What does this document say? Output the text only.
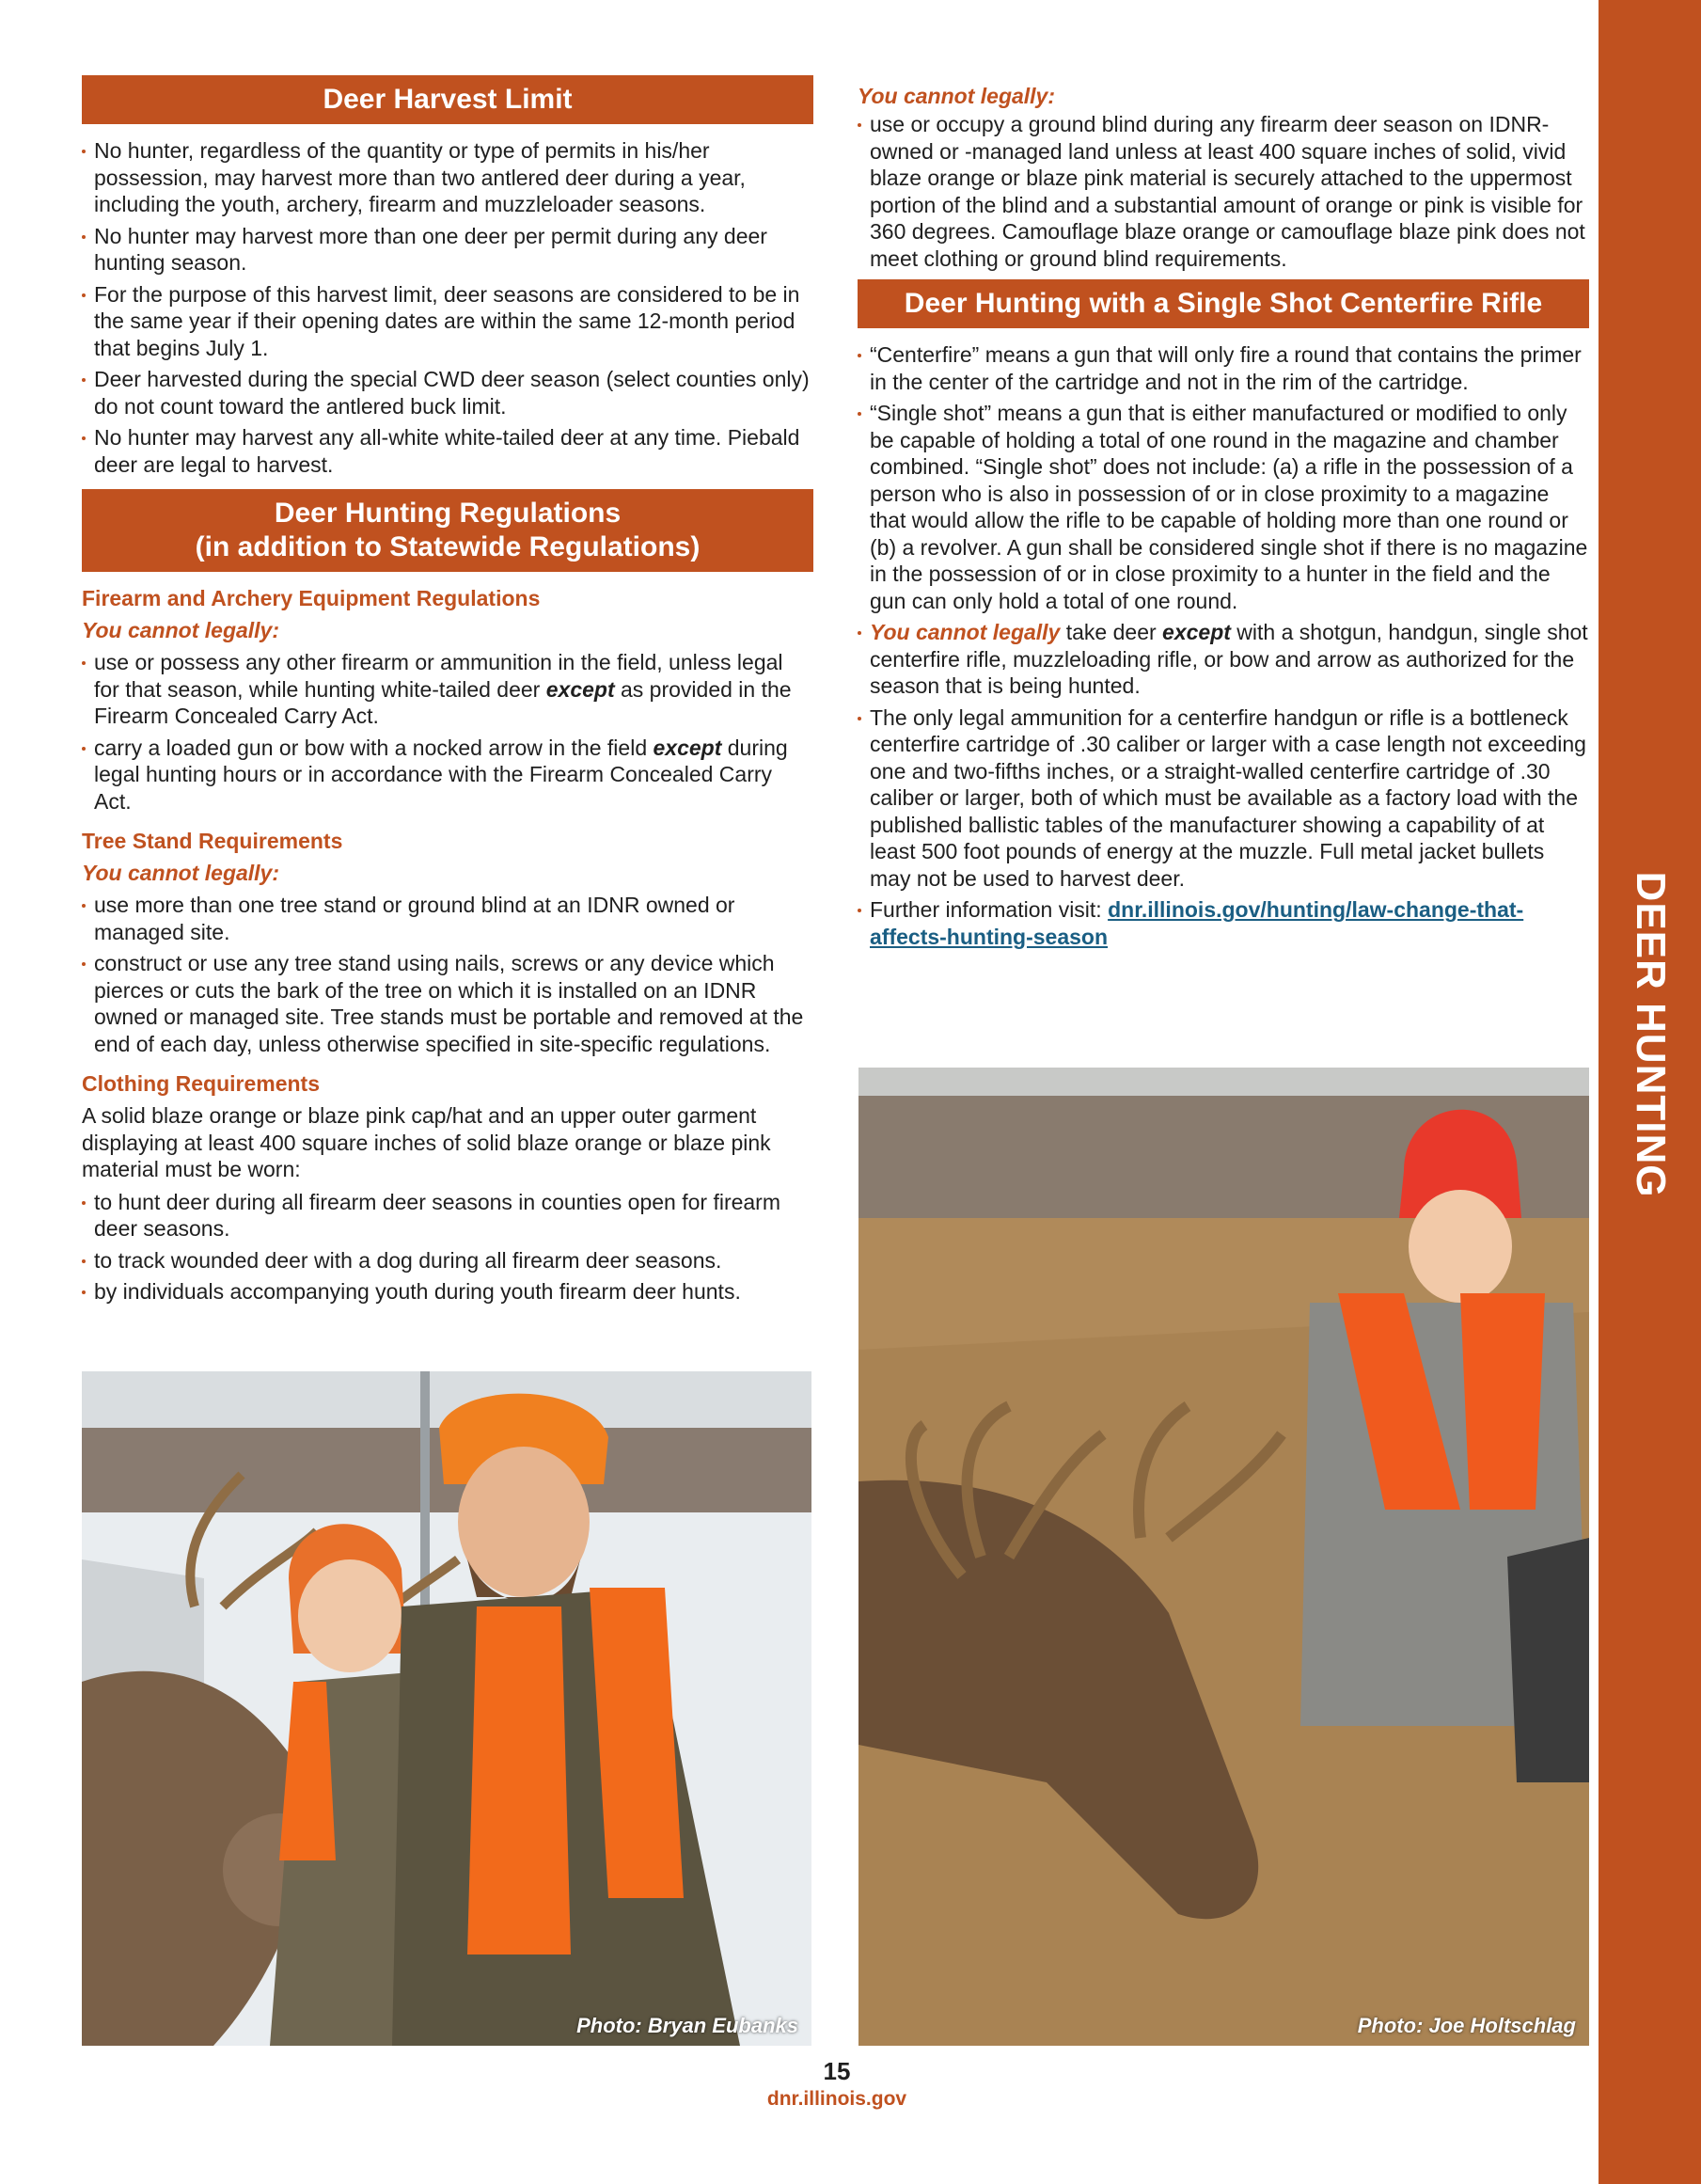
DEER HUNTING
Deer Harvest Limit
No hunter, regardless of the quantity or type of permits in his/her possession, may harvest more than two antlered deer during a year, including the youth, archery, firearm and muzzleloader seasons.
No hunter may harvest more than one deer per permit during any deer hunting season.
For the purpose of this harvest limit, deer seasons are considered to be in the same year if their opening dates are within the same 12-month period that begins July 1.
Deer harvested during the special CWD deer season (select counties only) do not count toward the antlered buck limit.
No hunter may harvest any all-white white-tailed deer at any time. Piebald deer are legal to harvest.
Deer Hunting Regulations
(in addition to Statewide Regulations)
Firearm and Archery Equipment Regulations
You cannot legally:
use or possess any other firearm or ammunition in the field, unless legal for that season, while hunting white-tailed deer except as provided in the Firearm Concealed Carry Act.
carry a loaded gun or bow with a nocked arrow in the field except during legal hunting hours or in accordance with the Firearm Concealed Carry Act.
Tree Stand Requirements
You cannot legally:
use more than one tree stand or ground blind at an IDNR owned or managed site.
construct or use any tree stand using nails, screws or any device which pierces or cuts the bark of the tree on which it is installed on an IDNR owned or managed site. Tree stands must be portable and removed at the end of each day, unless otherwise specified in site-specific regulations.
Clothing Requirements
A solid blaze orange or blaze pink cap/hat and an upper outer garment displaying at least 400 square inches of solid blaze orange or blaze pink material must be worn:
to hunt deer during all firearm deer seasons in counties open for firearm deer seasons.
to track wounded deer with a dog during all firearm deer seasons.
by individuals accompanying youth during youth firearm deer hunts.
You cannot legally:
use or occupy a ground blind during any firearm deer season on IDNR-owned or -managed land unless at least 400 square inches of solid, vivid blaze orange or blaze pink material is securely attached to the uppermost portion of the blind and a substantial amount of orange or pink is visible for 360 degrees. Camouflage blaze orange or camouflage blaze pink does not meet clothing or ground blind requirements.
Deer Hunting with a Single Shot Centerfire Rifle
“Centerfire” means a gun that will only fire a round that contains the primer in the center of the cartridge and not in the rim of the cartridge.
“Single shot” means a gun that is either manufactured or modified to only be capable of holding a total of one round in the magazine and chamber combined. “Single shot” does not include: (a) a rifle in the possession of a person who is also in possession of or in close proximity to a magazine that would allow the rifle to be capable of holding more than one round or (b) a revolver. A gun shall be considered single shot if there is no magazine in the possession of or in close proximity to a hunter in the field and the gun can only hold a total of one round.
You cannot legally take deer except with a shotgun, handgun, single shot centerfire rifle, muzzleloading rifle, or bow and arrow as authorized for the season that is being hunted.
The only legal ammunition for a centerfire handgun or rifle is a bottleneck centerfire cartridge of .30 caliber or larger with a case length not exceeding one and two-fifths inches, or a straight-walled centerfire cartridge of .30 caliber or larger, both of which must be available as a factory load with the published ballistic tables of the manufacturer showing a capability of at least 500 foot pounds of energy at the muzzle. Full metal jacket bullets may not be used to harvest deer.
Further information visit: dnr.illinois.gov/hunting/law-change-that-affects-hunting-season
Photo: Bryan Eubanks	Photo: Joe Holtschlag
15
dnr.illinois.gov
